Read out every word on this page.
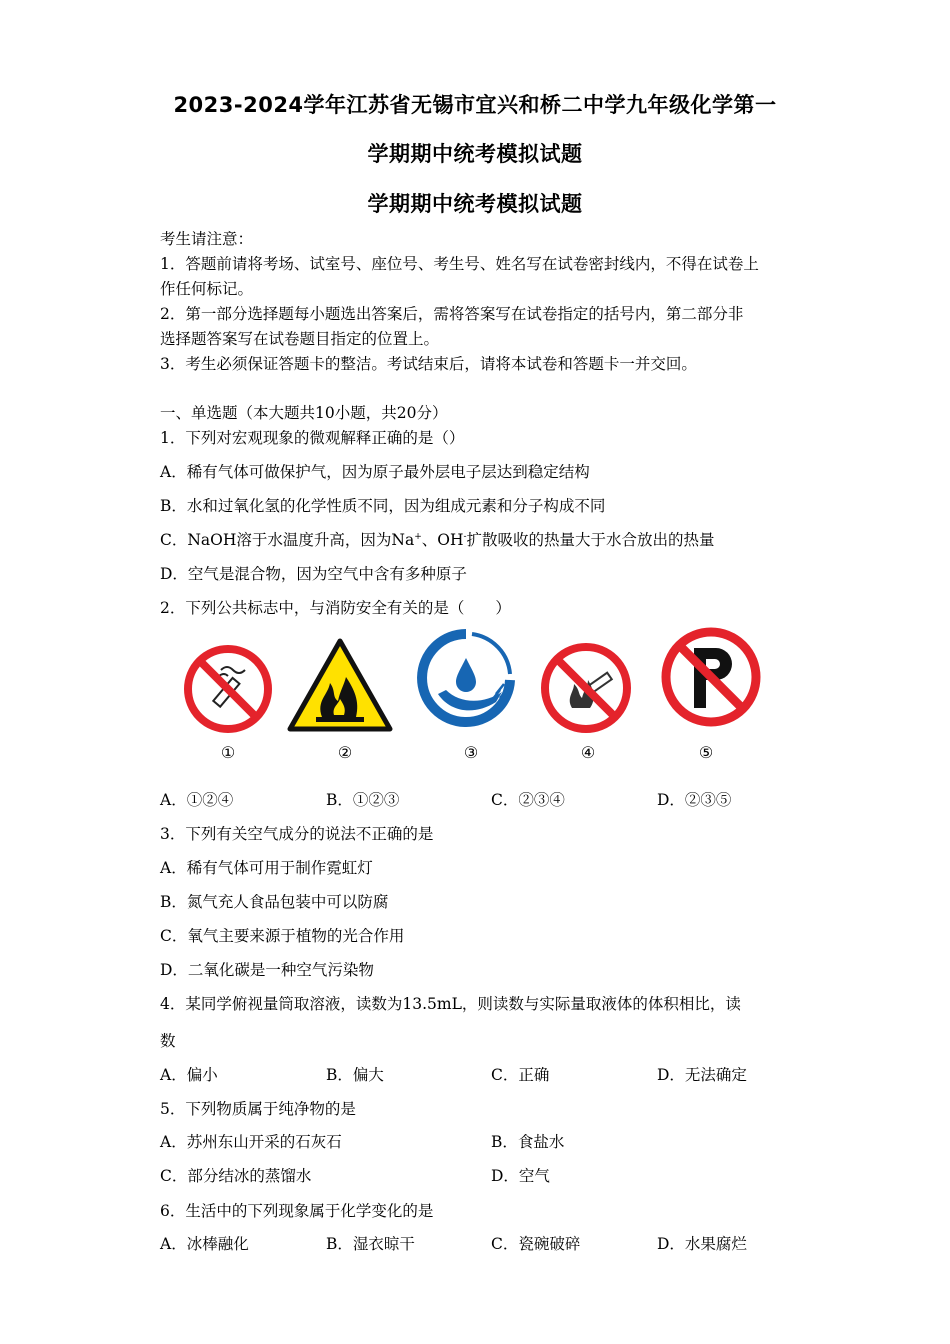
2023-2024学年江苏省无锡市宜兴和桥二中学九年级化学第一
学期期中统考模拟试题
学期期中统考模拟试题
考生请注意：
1．答题前请将考场、试室号、座位号、考生号、姓名写在试卷密封线内，不得在试卷上
作任何标记。
2．第一部分选择题每小题选出答案后，需将答案写在试卷指定的括号内，第二部分非
选择题答案写在试卷题目指定的位置上。
3．考生必须保证答题卡的整洁。考试结束后，请将本试卷和答题卡一并交回。
一、单选题（本大题共10小题，共20分）
1．下列对宏观现象的微观解释正确的是（）
A．稀有气体可做保护气，因为原子最外层电子层达到稳定结构
B．水和过氧化氢的化学性质不同，因为组成元素和分子构成不同
C．NaOH溶于水温度升高，因为Na+、OH-扩散吸收的热量大于水合放出的热量
D．空气是混合物，因为空气中含有多种原子
2．下列公共标志中，与消防安全有关的是（　　）
①	②	③	④	⑤
A．①②④	B．①②③	C．②③④	D．②③⑤
3．下列有关空气成分的说法不正确的是
A．稀有气体可用于制作霓虹灯
B．氮气充人食品包装中可以防腐
C．氧气主要来源于植物的光合作用
D．二氧化碳是一种空气污染物
4．某同学俯视量筒取溶液，读数为13.5mL，则读数与实际量取液体的体积相比，读
数
A．偏小	B．偏大	C．正确	D．无法确定
5．下列物质属于纯净物的是
A．苏州东山开采的石灰石	B．食盐水
C．部分结冰的蒸馏水	D．空气
6．生活中的下列现象属于化学变化的是
A．冰棒融化	B．湿衣晾干	C．瓷碗破碎	D．水果腐烂
